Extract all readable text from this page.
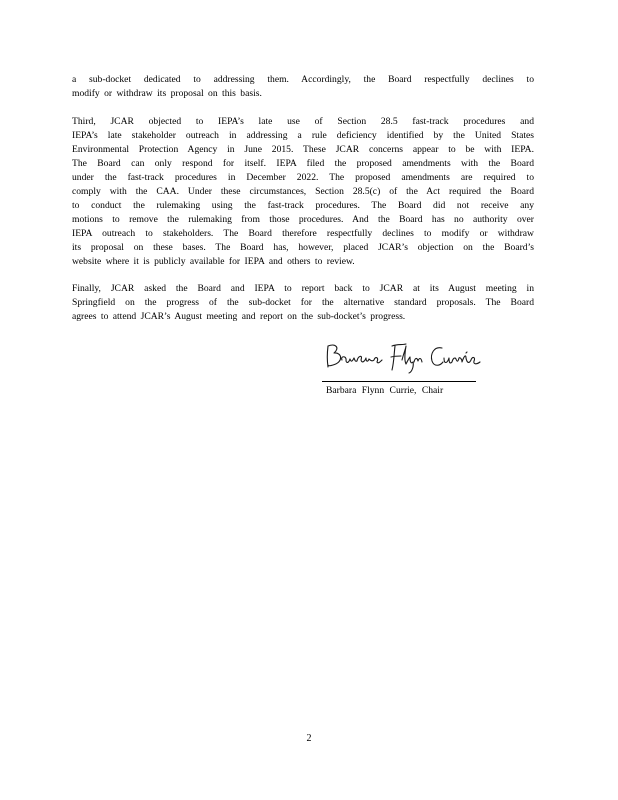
a sub-docket dedicated to addressing them. Accordingly, the Board respectfully declines to
modify or withdraw its proposal on this basis.
Third, JCAR objected to IEPA’s late use of Section 28.5 fast-track procedures and
IEPA’s late stakeholder outreach in addressing a rule deficiency identified by the United States
Environmental Protection Agency in June 2015. These JCAR concerns appear to be with IEPA.
The Board can only respond for itself. IEPA filed the proposed amendments with the Board
under the fast-track procedures in December 2022. The proposed amendments are required to
comply with the CAA. Under these circumstances, Section 28.5(c) of the Act required the Board
to conduct the rulemaking using the fast-track procedures. The Board did not receive any
motions to remove the rulemaking from those procedures. And the Board has no authority over
IEPA outreach to stakeholders. The Board therefore respectfully declines to modify or withdraw
its proposal on these bases. The Board has, however, placed JCAR’s objection on the Board’s
website where it is publicly available for IEPA and others to review.
Finally, JCAR asked the Board and IEPA to report back to JCAR at its August meeting in
Springfield on the progress of the sub-docket for the alternative standard proposals. The Board
agrees to attend JCAR’s August meeting and report on the sub-docket’s progress.
Barbara Flynn Currie, Chair
2
